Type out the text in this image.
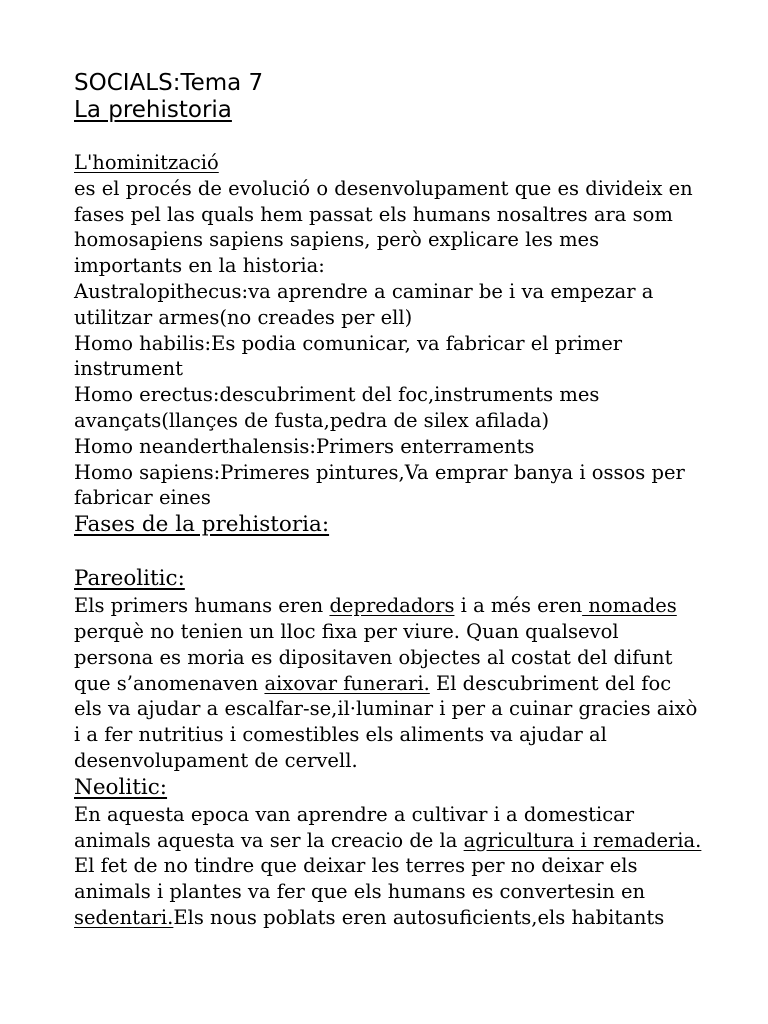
SOCIALS:Tema 7
La prehistoria
L'hominització
es el procés de evolució o desenvolupament que es divideix en
fases pel las quals hem passat els humans nosaltres ara som
homosapiens sapiens sapiens, però explicare les mes
importants en la historia:
Australopithecus:va aprendre a caminar be i va empezar a
utilitzar armes(no creades per ell)
Homo habilis:Es podia comunicar, va fabricar el primer
instrument
Homo erectus:descubriment del foc,instruments mes
avançats(llançes de fusta,pedra de silex afilada)
Homo neanderthalensis:Primers enterraments
Homo sapiens:Primeres pintures,Va emprar banya i ossos per
fabricar eines
Fases de la prehistoria:
Pareolitic:
Els primers humans eren depredadors i a més eren nomades
perquè no tenien un lloc fixa per viure. Quan qualsevol
persona es moria es dipositaven objectes al costat del difunt
que s’anomenaven aixovar funerari. El descubriment del foc
els va ajudar a escalfar-se,il·luminar i per a cuinar gracies això
i a fer nutritius i comestibles els aliments va ajudar al
desenvolupament de cervell.
Neolitic:
En aquesta epoca van aprendre a cultivar i a domesticar
animals aquesta va ser la creacio de la agricultura i remaderia.
El fet de no tindre que deixar les terres per no deixar els
animals i plantes va fer que els humans es convertesin en
sedentari.Els nous poblats eren autosuficients,els habitants
